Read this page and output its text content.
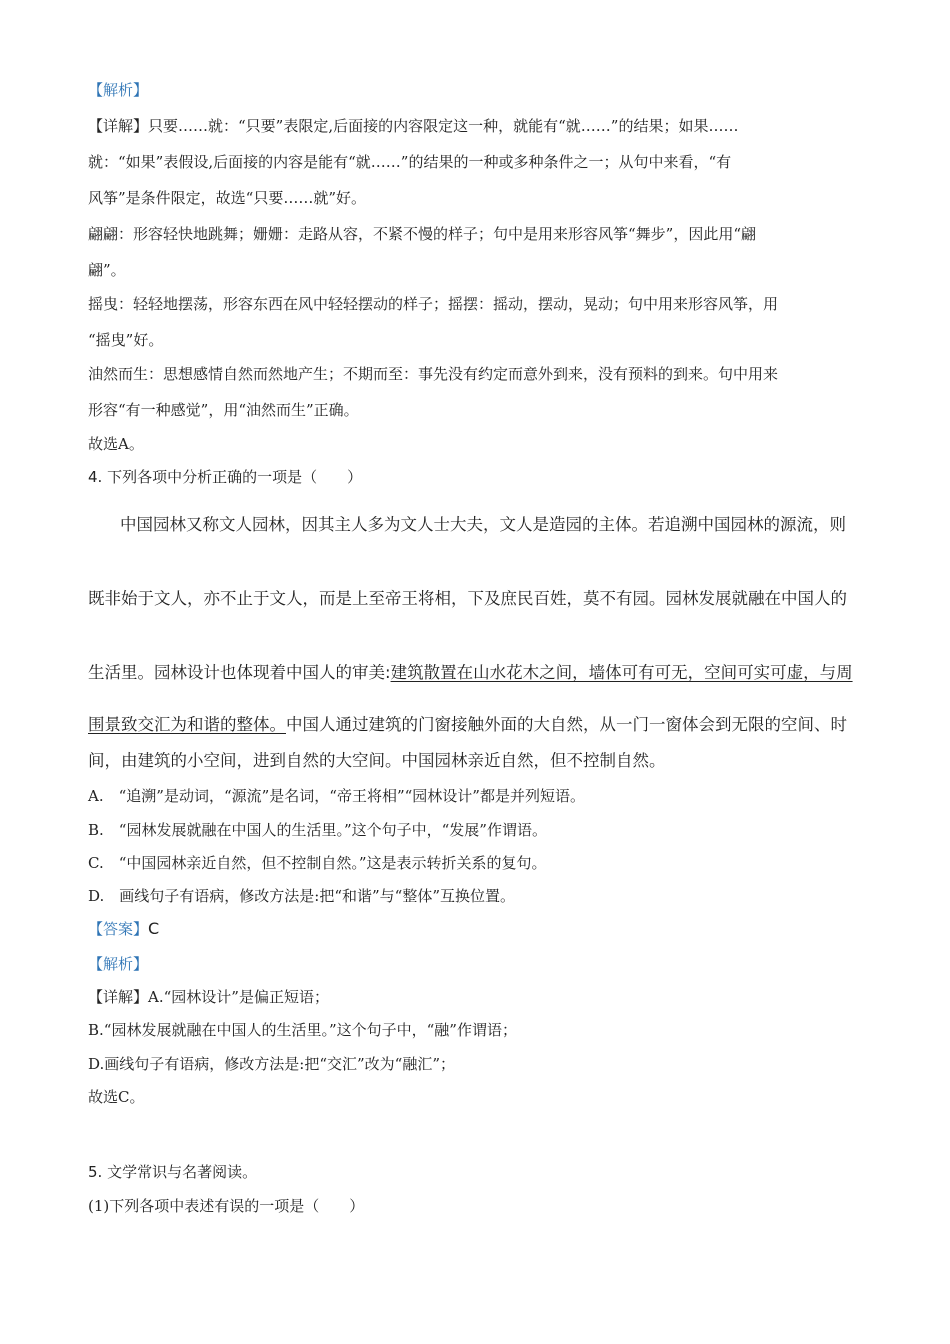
【解析】
【详解】只要……就：“只要”表限定,后面接的内容限定这一种，就能有“就……”的结果；如果……
就：“如果”表假设,后面接的内容是能有“就……”的结果的一种或多种条件之一；从句中来看，“有
风筝”是条件限定，故选“只要……就”好。
翩翩：形容轻快地跳舞；姗姗：走路从容，不紧不慢的样子；句中是用来形容风筝“舞步”，因此用“翩
翩”。
摇曳：轻轻地摆荡，形容东西在风中轻轻摆动的样子；摇摆：摇动，摆动，晃动；句中用来形容风筝，用
“摇曳”好。
油然而生：思想感情自然而然地产生；不期而至：事先没有约定而意外到来，没有预料的到来。句中用来
形容“有一种感觉”，用“油然而生”正确。
故选A。
4. 下列各项中分析正确的一项是（　　）
中国园林又称文人园林，因其主人多为文人士大夫，文人是造园的主体。若追溯中国园林的源流，则
既非始于文人，亦不止于文人，而是上至帝王将相，下及庶民百姓，莫不有园。园林发展就融在中国人的
生活里。园林设计也体现着中国人的审美:建筑散置在山水花木之间，墙体可有可无，空间可实可虚，与周
围景致交汇为和谐的整体。中国人通过建筑的门窗接触外面的大自然，从一门一窗体会到无限的空间、时
间，由建筑的小空间，进到自然的大空间。中国园林亲近自然，但不控制自然。
A.　“追溯”是动词，“源流”是名词，“帝王将相”“园林设计”都是并列短语。
B.　“园林发展就融在中国人的生活里。”这个句子中，“发展”作谓语。
C.　“中国园林亲近自然，但不控制自然。”这是表示转折关系的复句。
D.　画线句子有语病，修改方法是:把“和谐”与“整体”互换位置。
【答案】C
【解析】
【详解】A.“园林设计”是偏正短语；
B.“园林发展就融在中国人的生活里。”这个句子中，“融”作谓语；
D.画线句子有语病，修改方法是:把“交汇”改为“融汇”；
故选C。
5. 文学常识与名著阅读。
(1)下列各项中表述有误的一项是（　　）
